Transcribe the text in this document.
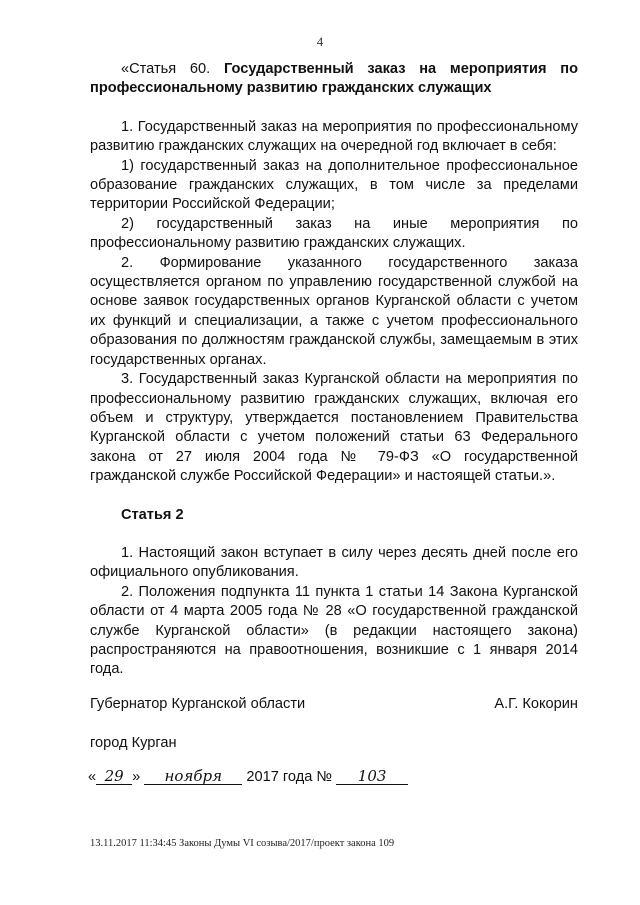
4

«Статья 60. Государственный заказ на мероприятия по профессиональному развитию гражданских служащих

1. Государственный заказ на мероприятия по профессиональному развитию гражданских служащих на очередной год включает в себя:

1) государственный заказ на дополнительное профессиональное образование гражданских служащих, в том числе за пределами территории Российской Федерации;

2) государственный заказ на иные мероприятия по профессиональному развитию гражданских служащих.

2. Формирование указанного государственного заказа осуществляется органом по управлению государственной службой на основе заявок государственных органов Курганской области с учетом их функций и специализации, а также с учетом профессионального образования по должностям гражданской службы, замещаемым в этих государственных органах.

3. Государственный заказ Курганской области на мероприятия по профессиональному развитию гражданских служащих, включая его объем и структуру, утверждается постановлением Правительства Курганской области с учетом положений статьи 63 Федерального закона от 27 июля 2004 года № 79-ФЗ «О государственной гражданской службе Российской Федерации» и настоящей статьи.».

Статья 2

1. Настоящий закон вступает в силу через десять дней после его официального опубликования.

2. Положения подпункта 11 пункта 1 статьи 14 Закона Курганской области от 4 марта 2005 года № 28 «О государственной гражданской службе Курганской области» (в редакции настоящего закона) распространяются на правоотношения, возникшие с 1 января 2014 года.

Губернатор Курганской области	А.Г. Кокорин
город Курган
« 29 » ноября 2017 года № 103
13.11.2017 11:34:45 Законы Думы VI созыва/2017/проект закона 109
